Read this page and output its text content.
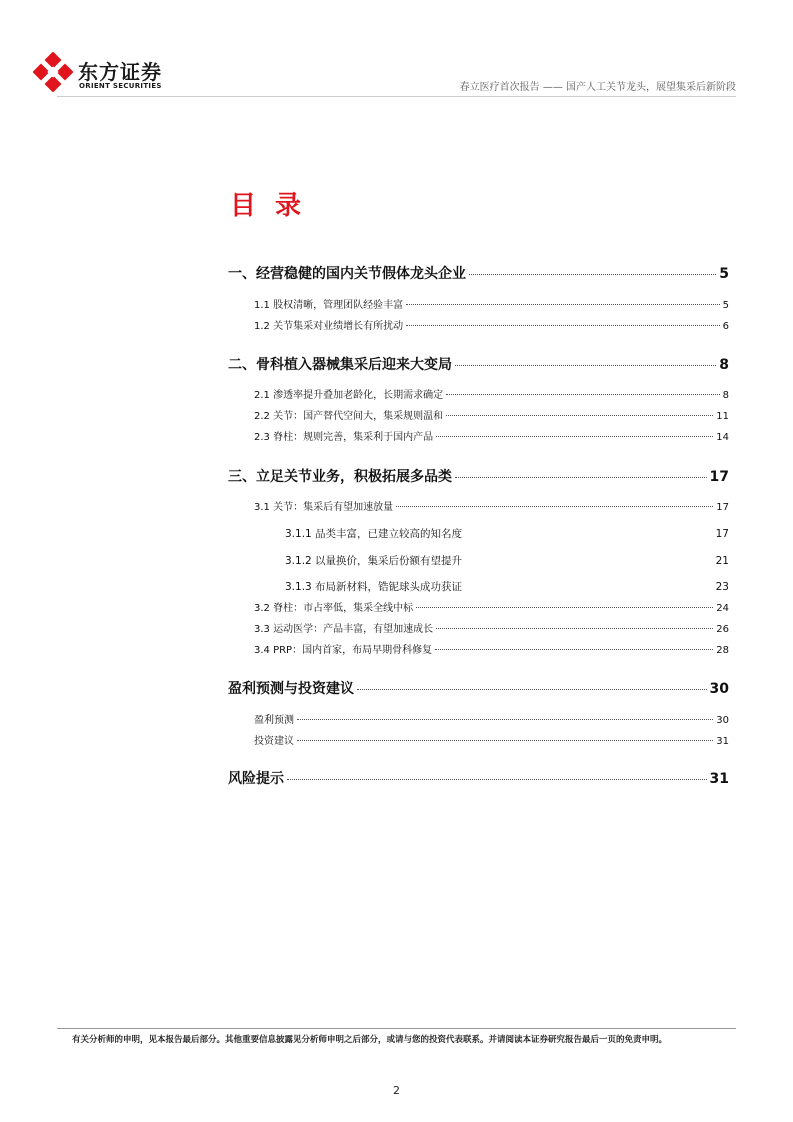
东方证券
ORIENT SECURITIES	春立医疗首次报告 —— 国产人工关节龙头，展望集采后新阶段
目 录
一、经营稳健的国内关节假体龙头企业	5
1.1 股权清晰，管理团队经验丰富	5
1.2 关节集采对业绩增长有所扰动	6
二、骨科植入器械集采后迎来大变局	8
2.1 渗透率提升叠加老龄化，长期需求确定	8
2.2 关节：国产替代空间大，集采规则温和	11
2.3 脊柱：规则完善，集采利于国内产品	14
三、立足关节业务，积极拓展多品类	17
3.1 关节：集采后有望加速放量	17
3.1.1 品类丰富，已建立较高的知名度	17
3.1.2 以量换价，集采后份额有望提升	21
3.1.3 布局新材料，锆铌球头成功获证	23
3.2 脊柱：市占率低，集采全线中标	24
3.3 运动医学：产品丰富，有望加速成长	26
3.4 PRP：国内首家，布局早期骨科修复	28
盈利预测与投资建议	30
盈利预测	30
投资建议	31
风险提示	31
有关分析师的申明，见本报告最后部分。其他重要信息披露见分析师申明之后部分，或请与您的投资代表联系。并请阅读本证券研究报告最后一页的免责申明。
2
